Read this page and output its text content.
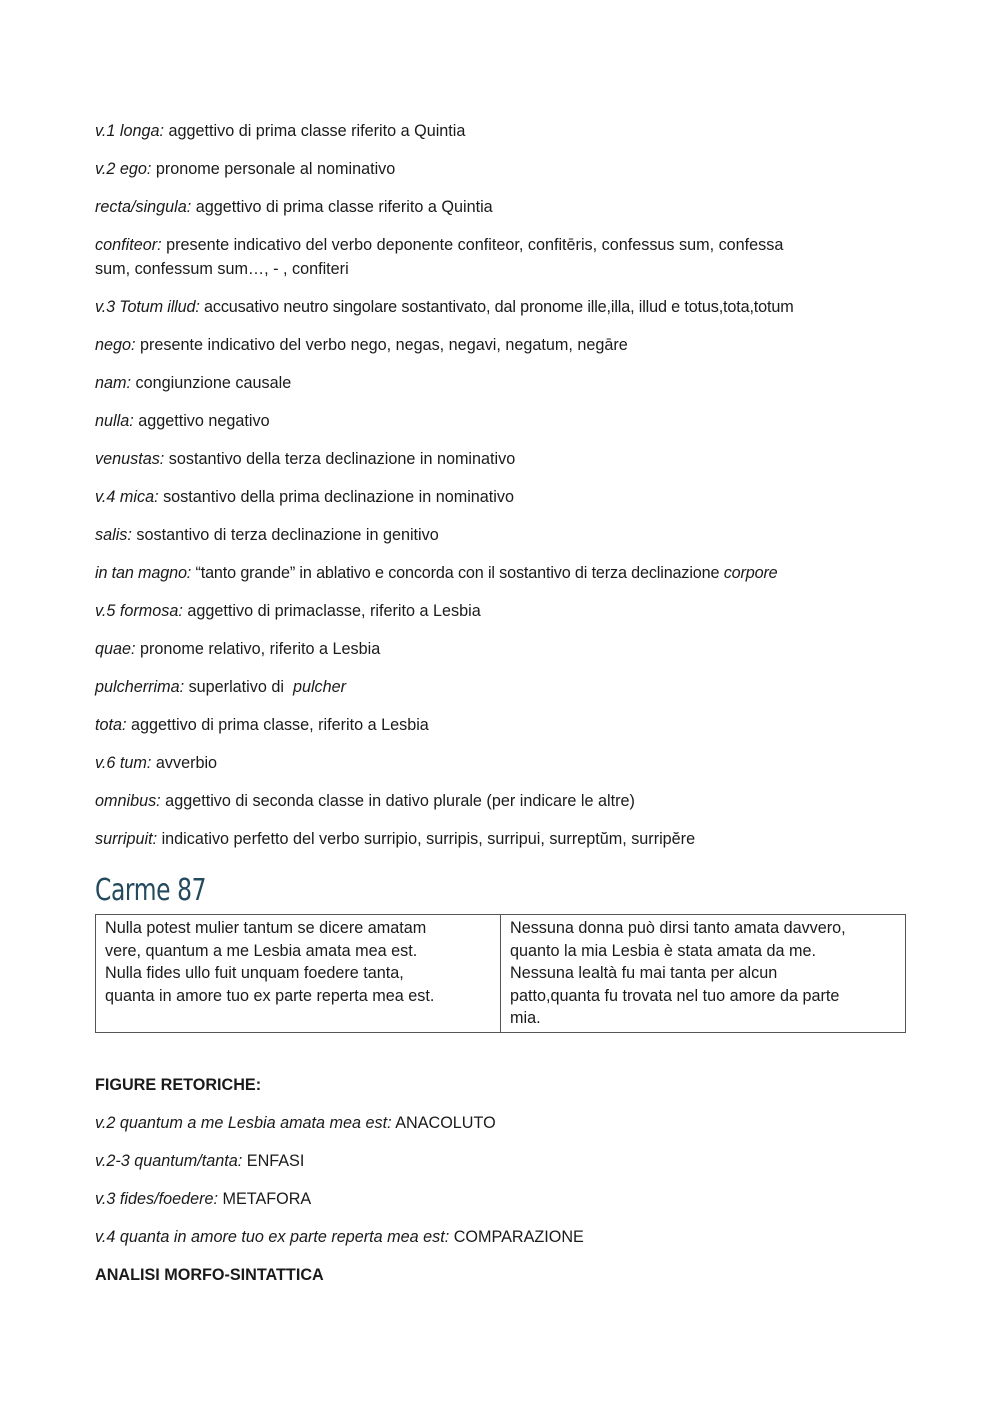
v.1 longa: aggettivo di prima classe riferito a Quintia

v.2 ego: pronome personale al nominativo

recta/singula: aggettivo di prima classe riferito a Quintia

confiteor: presente indicativo del verbo deponente confiteor, confitēris, confessus sum, confessa
sum, confessum sum…, - , confiteri

v.3 Totum illud: accusativo neutro singolare sostantivato, dal pronome ille,illa, illud e totus,tota,totum

nego: presente indicativo del verbo nego, negas, negavi, negatum, negāre

nam: congiunzione causale

nulla: aggettivo negativo

venustas: sostantivo della terza declinazione in nominativo

v.4 mica: sostantivo della prima declinazione in nominativo

salis: sostantivo di terza declinazione in genitivo

in tan magno: “tanto grande” in ablativo e concorda con il sostantivo di terza declinazione corpore

v.5 formosa: aggettivo di primaclasse, riferito a Lesbia

quae: pronome relativo, riferito a Lesbia

pulcherrima: superlativo di  pulcher

tota: aggettivo di prima classe, riferito a Lesbia

v.6 tum: avverbio

omnibus: aggettivo di seconda classe in dativo plurale (per indicare le altre)

surripuit: indicativo perfetto del verbo surripio, surripis, surripui, surreptŭm, surripĕre

Carme 87
Nulla potest mulier tantum se dicere amatam
vere, quantum a me Lesbia amata mea est.
Nulla fides ullo fuit unquam foedere tanta,
quanta in amore tuo ex parte reperta mea est.

Nessuna donna può dirsi tanto amata davvero,
quanto la mia Lesbia è stata amata da me.
Nessuna lealtà fu mai tanta per alcun
patto,quanta fu trovata nel tuo amore da parte
mia.

FIGURE RETORICHE:

v.2 quantum a me Lesbia amata mea est: ANACOLUTO

v.2-3 quantum/tanta: ENFASI

v.3 fides/foedere: METAFORA

v.4 quanta in amore tuo ex parte reperta mea est: COMPARAZIONE

ANALISI MORFO-SINTATTICA
